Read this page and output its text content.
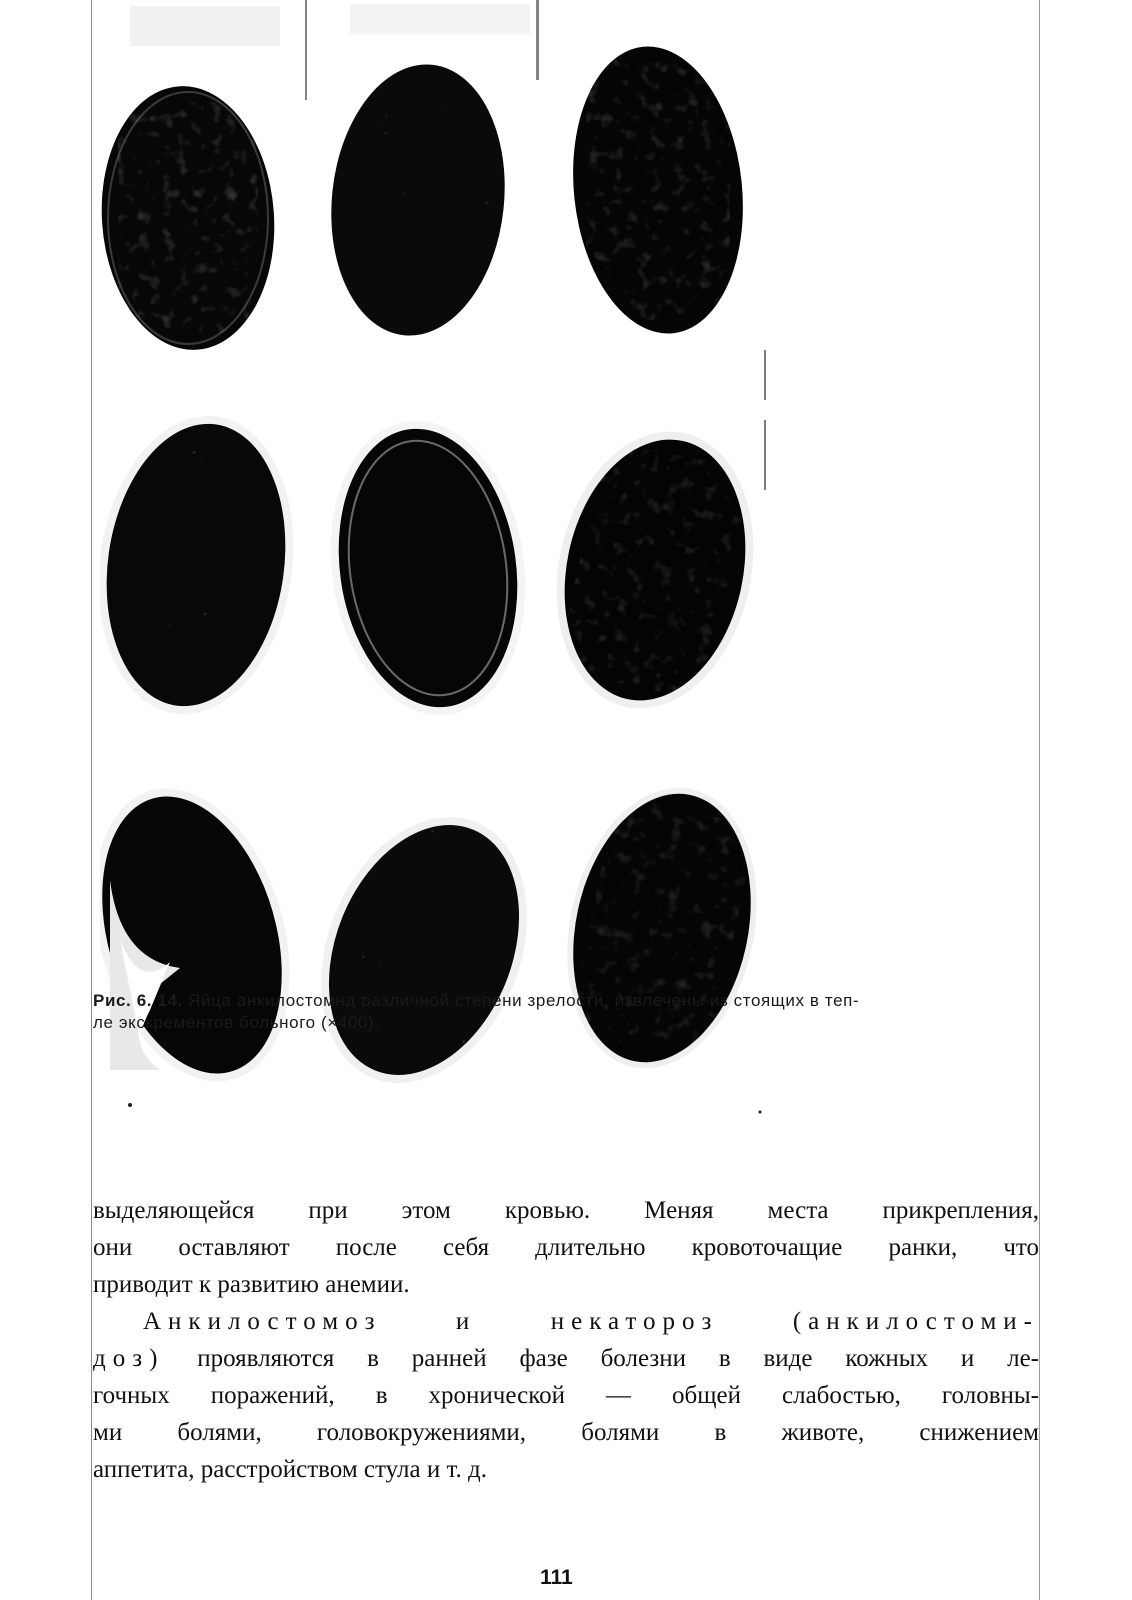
Рис. 6. 14. Яйца анкилостомнд различной степени зрелости, извлечены из стоящих в теп-
ле экскрементов больного (×400).

выделяющейся при этом кровью. Меняя места прикрепления,
они оставляют после себя длительно кровоточащие ранки, что
приводит к развитию анемии.
Анкилостомоз и некатороз (анкилостоми-
доз) проявляются в ранней фазе болезни в виде кожных и ле-
гочных поражений, в хронической — общей слабостью, головны-
ми болями, головокружениями, болями в животе, снижением
аппетита, расстройством стула и т. д.

111
